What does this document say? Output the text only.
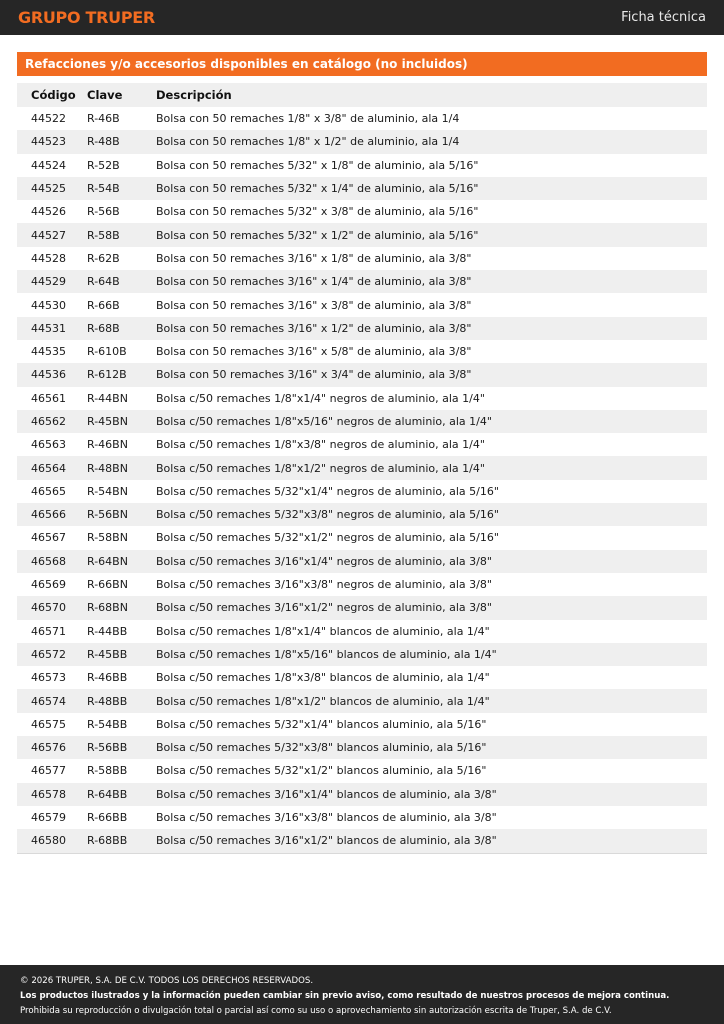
GRUPO TRUPER	Ficha técnica
Refacciones y/o accesorios disponibles en catálogo (no incluidos)
Código	Clave	Descripción
44522	R-46B	Bolsa con 50 remaches 1/8" x 3/8" de aluminio, ala 1/4
44523	R-48B	Bolsa con 50 remaches 1/8" x 1/2" de aluminio, ala 1/4
44524	R-52B	Bolsa con 50 remaches 5/32" x 1/8" de aluminio, ala 5/16"
44525	R-54B	Bolsa con 50 remaches 5/32" x 1/4" de aluminio, ala 5/16"
44526	R-56B	Bolsa con 50 remaches 5/32" x 3/8" de aluminio, ala 5/16"
44527	R-58B	Bolsa con 50 remaches 5/32" x 1/2" de aluminio, ala 5/16"
44528	R-62B	Bolsa con 50 remaches 3/16" x 1/8" de aluminio, ala 3/8"
44529	R-64B	Bolsa con 50 remaches 3/16" x 1/4" de aluminio, ala 3/8"
44530	R-66B	Bolsa con 50 remaches 3/16" x 3/8" de aluminio, ala 3/8"
44531	R-68B	Bolsa con 50 remaches 3/16" x 1/2" de aluminio, ala 3/8"
44535	R-610B	Bolsa con 50 remaches 3/16" x 5/8" de aluminio, ala 3/8"
44536	R-612B	Bolsa con 50 remaches 3/16" x 3/4" de aluminio, ala 3/8"
46561	R-44BN	Bolsa c/50 remaches 1/8"x1/4" negros de aluminio, ala 1/4"
46562	R-45BN	Bolsa c/50 remaches 1/8"x5/16" negros de aluminio, ala 1/4"
46563	R-46BN	Bolsa c/50 remaches 1/8"x3/8" negros de aluminio, ala 1/4"
46564	R-48BN	Bolsa c/50 remaches 1/8"x1/2" negros de aluminio, ala 1/4"
46565	R-54BN	Bolsa c/50 remaches 5/32"x1/4" negros de aluminio, ala 5/16"
46566	R-56BN	Bolsa c/50 remaches 5/32"x3/8" negros de aluminio, ala 5/16"
46567	R-58BN	Bolsa c/50 remaches 5/32"x1/2" negros de aluminio, ala 5/16"
46568	R-64BN	Bolsa c/50 remaches 3/16"x1/4" negros de aluminio, ala 3/8"
46569	R-66BN	Bolsa c/50 remaches 3/16"x3/8" negros de aluminio, ala 3/8"
46570	R-68BN	Bolsa c/50 remaches 3/16"x1/2" negros de aluminio, ala 3/8"
46571	R-44BB	Bolsa c/50 remaches 1/8"x1/4" blancos de aluminio, ala 1/4"
46572	R-45BB	Bolsa c/50 remaches 1/8"x5/16" blancos de aluminio, ala 1/4"
46573	R-46BB	Bolsa c/50 remaches 1/8"x3/8" blancos de aluminio, ala 1/4"
46574	R-48BB	Bolsa c/50 remaches 1/8"x1/2" blancos de aluminio, ala 1/4"
46575	R-54BB	Bolsa c/50 remaches 5/32"x1/4" blancos aluminio, ala 5/16"
46576	R-56BB	Bolsa c/50 remaches 5/32"x3/8" blancos aluminio, ala 5/16"
46577	R-58BB	Bolsa c/50 remaches 5/32"x1/2" blancos aluminio, ala 5/16"
46578	R-64BB	Bolsa c/50 remaches 3/16"x1/4" blancos de aluminio, ala 3/8"
46579	R-66BB	Bolsa c/50 remaches 3/16"x3/8" blancos de aluminio, ala 3/8"
46580	R-68BB	Bolsa c/50 remaches 3/16"x1/2" blancos de aluminio, ala 3/8"
© 2026 TRUPER, S.A. DE C.V. TODOS LOS DERECHOS RESERVADOS.
Los productos ilustrados y la información pueden cambiar sin previo aviso, como resultado de nuestros procesos de mejora continua.
Prohibida su reproducción o divulgación total o parcial así como su uso o aprovechamiento sin autorización escrita de Truper, S.A. de C.V.
